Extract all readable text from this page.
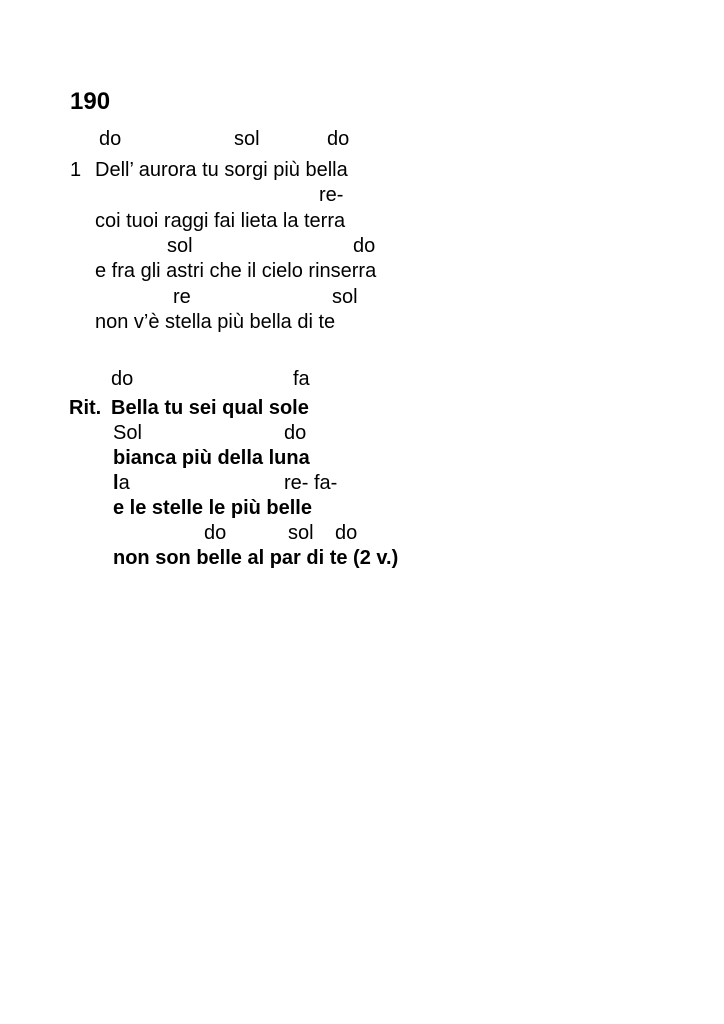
190
do	sol	do
1 Dell’ aurora tu sorgi più bella
re-
coi tuoi raggi fai lieta la terra
sol	do
e fra gli astri che il cielo rinserra
re	sol
non v’è stella più bella di te
do	fa
Rit. Bella tu sei qual sole
Sol	do
bianca più della luna
la	re- fa-
e le stelle le più belle
do	sol do
non son belle al par di te (2 v.)
